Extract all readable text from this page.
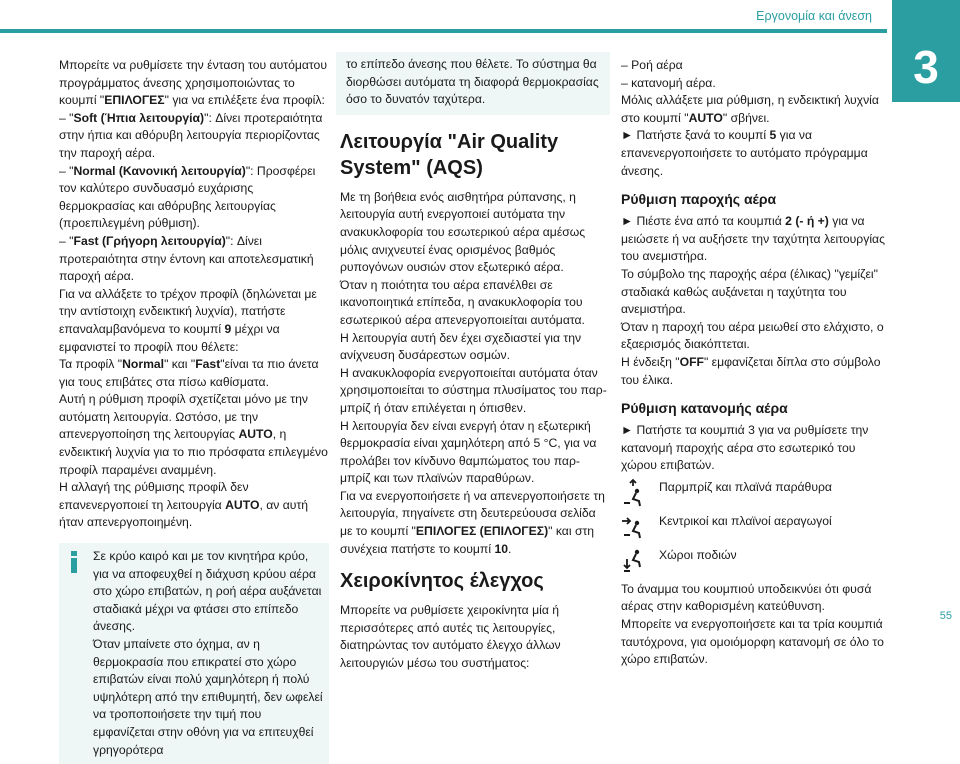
Εργονομία και άνεση
3
55

Μπορείτε να ρυθμίσετε την ένταση του αυτόματου προγράμματος άνεσης χρησιμοποιώντας το κουμπί "ΕΠΙΛΟΓΕΣ" για να επιλέξετε ένα προφίλ:

– "Soft (Ήπια λειτουργία)": Δίνει προτεραιότητα στην ήπια και αθόρυβη λειτουργία περιορίζοντας την παροχή αέρα.

– "Normal (Κανονική λειτουργία)": Προσφέρει τον καλύτερο συνδυασμό ευχάρισης θερμοκρασίας και αθόρυβης λειτουργίας (προεπιλεγμένη ρύθμιση).

– "Fast (Γρήγορη λειτουργία)": Δίνει προτεραιότητα στην έντονη και αποτελεσματική παροχή αέρα.

Για να αλλάξετε το τρέχον προφίλ (δηλώνεται με την αντίστοιχη ενδεικτική λυχνία), πατήστε επαναλαμβανόμενα το κουμπί 9 μέχρι να εμφανιστεί το προφίλ που θέλετε:

Τα προφίλ "Normal" και "Fast"είναι τα πιο άνετα για τους επιβάτες στα πίσω καθίσματα.

Αυτή η ρύθμιση προφίλ σχετίζεται μόνο με την αυτόματη λειτουργία. Ωστόσο, με την απενεργοποίηση της λειτουργίας AUTO, η ενδεικτική λυχνία για το πιο πρόσφατα επιλεγμένο προφίλ παραμένει αναμμένη.

Η αλλαγή της ρύθμισης προφίλ δεν επανενεργοποιεί τη λειτουργία AUTO, αν αυτή ήταν απενεργοποιημένη.

Σε κρύο καιρό και με τον κινητήρα κρύο, για να αποφευχθεί η διάχυση κρύου αέρα στο χώρο επιβατών, η ροή αέρα αυξάνεται σταδιακά μέχρι να φτάσει στο επίπεδο άνεσης.

Όταν μπαίνετε στο όχημα, αν η θερμοκρασία που επικρατεί στο χώρο επιβατών είναι πολύ χαμηλότερη ή πολύ υψηλότερη από την επιθυμητή, δεν ωφελεί να τροποποιήσετε την τιμή που εμφανίζεται στην οθόνη για να επιτευχθεί γρηγορότερα

το επίπεδο άνεσης που θέλετε. Το σύστημα θα διορθώσει αυτόματα τη διαφορά θερμοκρασίας όσο το δυνατόν ταχύτερα.

Λειτουργία "Air Quality System" (AQS)

Με τη βοήθεια ενός αισθητήρα ρύπανσης, η λειτουργία αυτή ενεργοποιεί αυτόματα την ανακυκλοφορία του εσωτερικού αέρα αμέσως μόλις ανιχνευτεί ένας ορισμένος βαθμός ρυπογόνων ουσιών στον εξωτερικό αέρα.

Όταν η ποιότητα του αέρα επανέλθει σε ικανοποιητικά επίπεδα, η ανακυκλοφορία του εσωτερικού αέρα απενεργοποιείται αυτόματα.

Η λειτουργία αυτή δεν έχει σχεδιαστεί για την ανίχνευση δυσάρεστων οσμών.

Η ανακυκλοφορία ενεργοποιείται αυτόματα όταν χρησιμοποιείται το σύστημα πλυσίματος του παρ-μπρίζ ή όταν επιλέγεται η όπισθεν.

Η λειτουργία δεν είναι ενεργή όταν η εξωτερική θερμοκρασία είναι χαμηλότερη από 5 °C, για να προλάβει τον κίνδυνο θαμπώματος του παρ-μπρίζ και των πλαϊνών παραθύρων.

Για να ενεργοποιήσετε ή να απενεργοποιήσετε τη λειτουργία, πηγαίνετε στη δευτερεύουσα σελίδα με το κουμπί "ΕΠΙΛΟΓΕΣ (ΕΠΙΛΟΓΕΣ)" και στη συνέχεια πατήστε το κουμπί 10.

Χειροκίνητος έλεγχος

Μπορείτε να ρυθμίσετε χειροκίνητα μία ή περισσότερες από αυτές τις λειτουργίες, διατηρώντας τον αυτόματο έλεγχο άλλων λειτουργιών μέσω του συστήματος:

– Ροή αέρα

– κατανομή αέρα.

Μόλις αλλάξετε μια ρύθμιση, η ενδεικτική λυχνία στο κουμπί "AUTO" σβήνει.

► Πατήστε ξανά το κουμπί 5 για να επανενεργοποιήσετε το αυτόματο πρόγραμμα άνεσης.

Ρύθμιση παροχής αέρα

► Πιέστε ένα από τα κουμπιά 2 (- ή +) για να μειώσετε ή να αυξήσετε την ταχύτητα λειτουργίας του ανεμιστήρα.

Το σύμβολο της παροχής αέρα (έλικας) "γεμίζει" σταδιακά καθώς αυξάνεται η ταχύτητα του ανεμιστήρα.

Όταν η παροχή του αέρα μειωθεί στο ελάχιστο, ο εξαερισμός διακόπτεται.

Η ένδειξη "OFF" εμφανίζεται δίπλα στο σύμβολο του έλικα.

Ρύθμιση κατανομής αέρα

► Πατήστε τα κουμπιά 3 για να ρυθμίσετε την κατανομή παροχής αέρα στο εσωτερικό του χώρου επιβατών.

Παρμπρίζ και πλαϊνά παράθυρα
Κεντρικοί και πλαϊνοί αεραγωγοί
Χώροι ποδιών

Το άναμμα του κουμπιού υποδεικνύει ότι φυσά αέρας στην καθορισμένη κατεύθυνση.

Μπορείτε να ενεργοποιήσετε και τα τρία κουμπιά ταυτόχρονα, για ομοιόμορφη κατανομή σε όλο το χώρο επιβατών.
